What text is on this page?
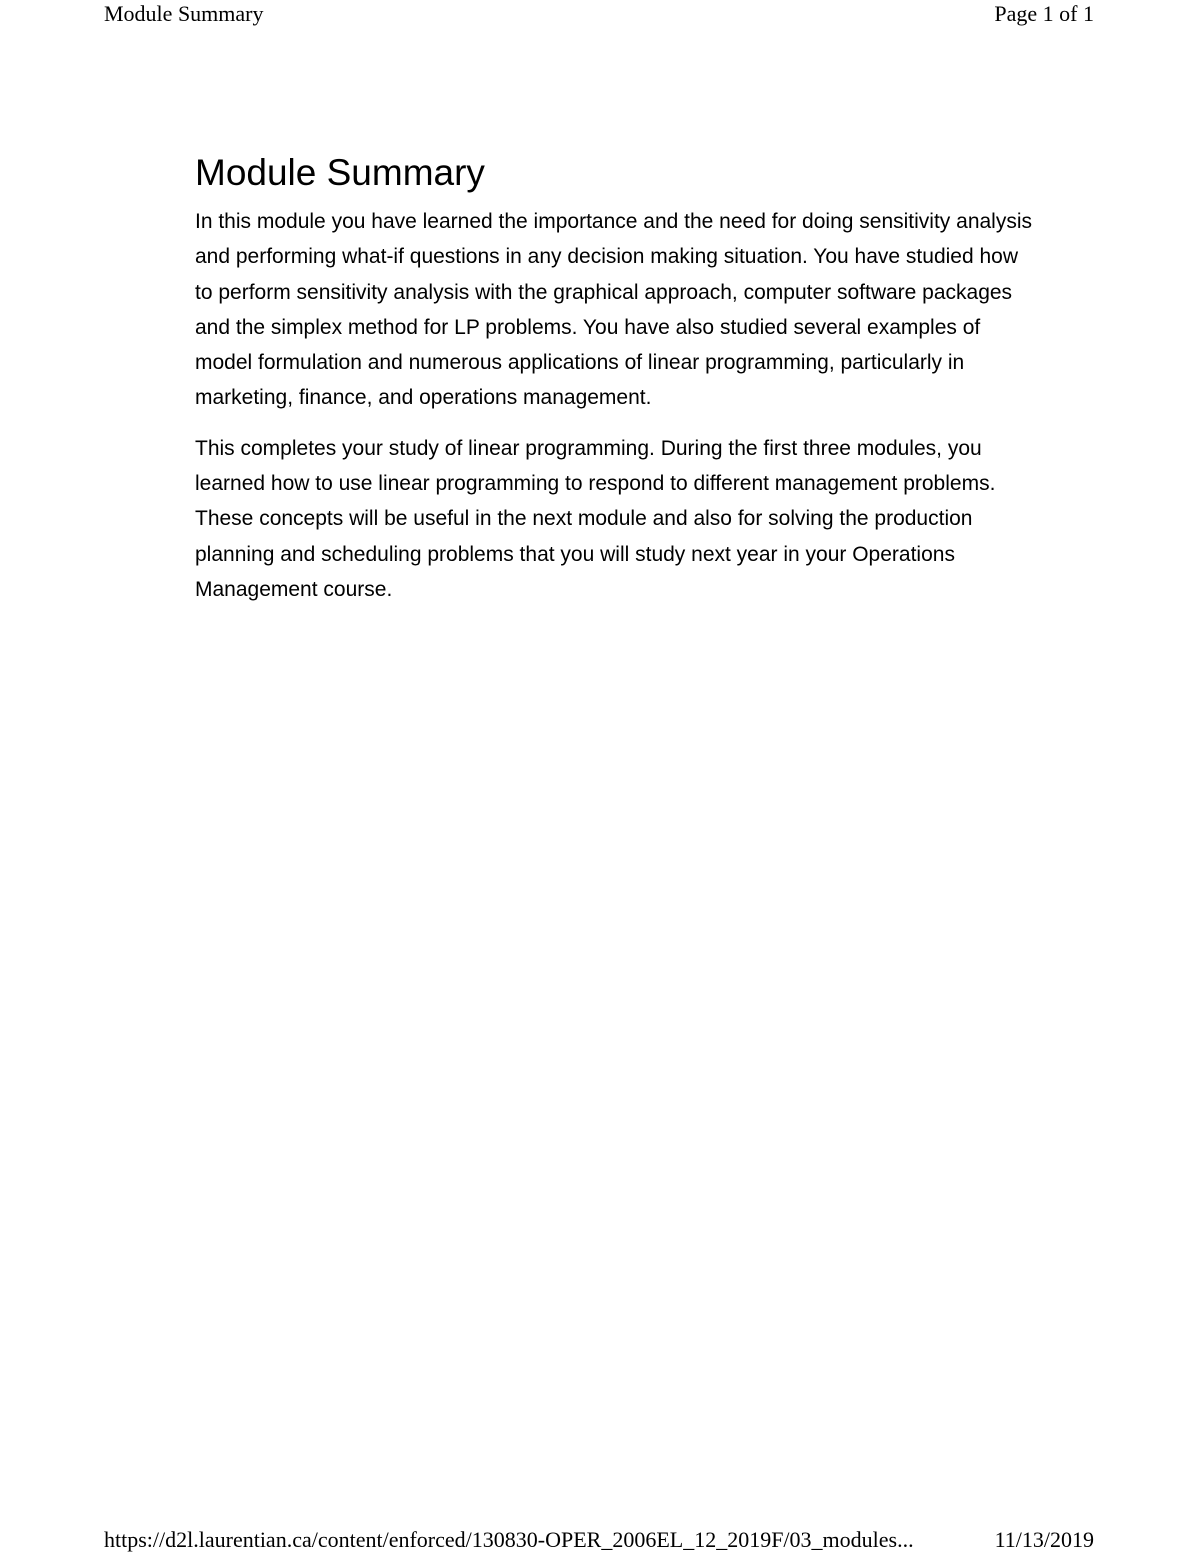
Module Summary	Page 1 of 1
Module Summary

In this module you have learned the importance and the need for doing sensitivity analysis and performing what-if questions in any decision making situation. You have studied how to perform sensitivity analysis with the graphical approach, computer software packages and the simplex method for LP problems. You have also studied several examples of model formulation and numerous applications of linear programming, particularly in marketing, finance, and operations management.

This completes your study of linear programming. During the first three modules, you learned how to use linear programming to respond to different management problems. These concepts will be useful in the next module and also for solving the production planning and scheduling problems that you will study next year in your Operations Management course.

https://d2l.laurentian.ca/content/enforced/130830-OPER_2006EL_12_2019F/03_modules...	11/13/2019
